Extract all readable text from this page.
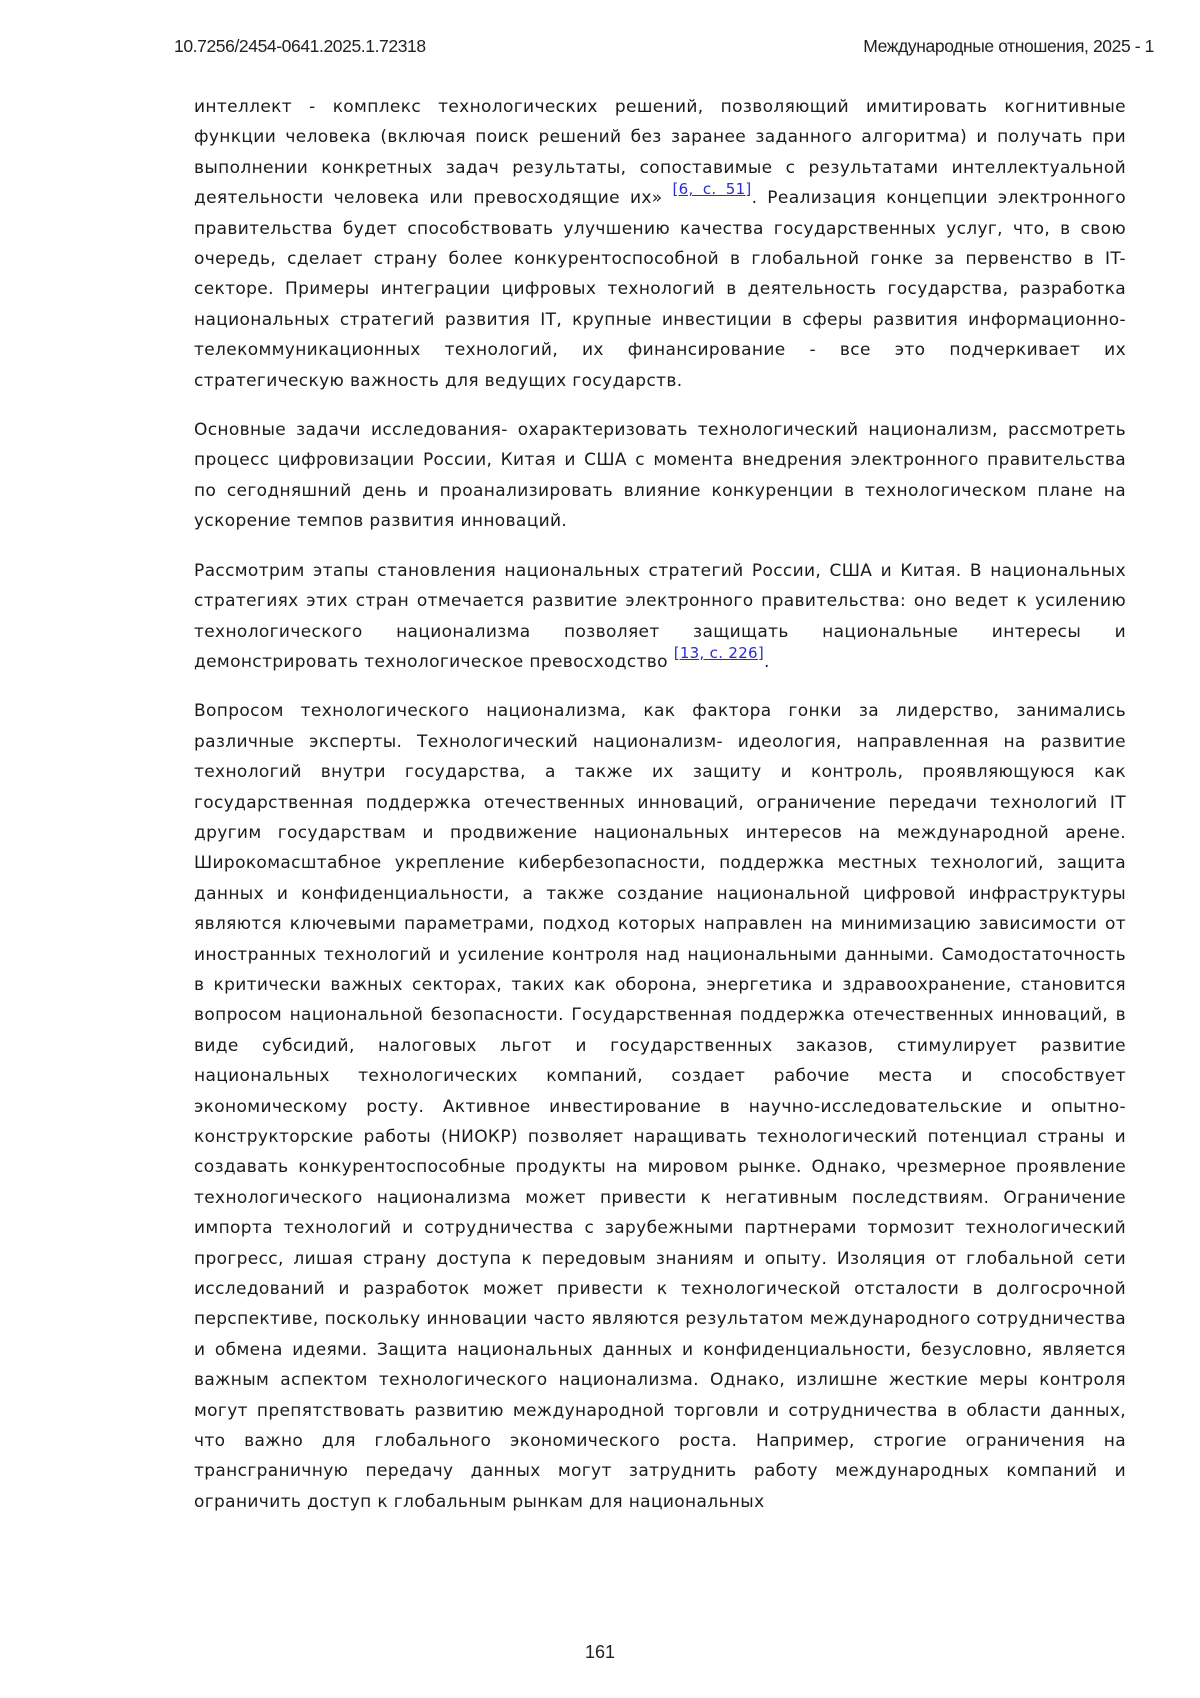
10.7256/2454-0641.2025.1.72318	Международные отношения, 2025 - 1

интеллект - комплекс технологических решений, позволяющий имитировать когнитивные функции человека (включая поиск решений без заранее заданного алгоритма) и получать при выполнении конкретных задач результаты, сопоставимые с результатами интеллектуальной деятельности человека или превосходящие их» [6, с. 51]. Реализация концепции электронного правительства будет способствовать улучшению качества государственных услуг, что, в свою очередь, сделает страну более конкурентоспособной в глобальной гонке за первенство в IT-секторе. Примеры интеграции цифровых технологий в деятельность государства, разработка национальных стратегий развития IT, крупные инвестиции в сферы развития информационно-телекоммуникационных технологий, их финансирование - все это подчеркивает их стратегическую важность для ведущих государств.

Основные задачи исследования- охарактеризовать технологический национализм, рассмотреть процесс цифровизации России, Китая и США с момента внедрения электронного правительства по сегодняшний день и проанализировать влияние конкуренции в технологическом плане на ускорение темпов развития инноваций.

Рассмотрим этапы становления национальных стратегий России, США и Китая. В национальных стратегиях этих стран отмечается развитие электронного правительства: оно ведет к усилению технологического национализма позволяет защищать национальные интересы и демонстрировать технологическое превосходство [13, с. 226].

Вопросом технологического национализма, как фактора гонки за лидерство, занимались различные эксперты. Технологический национализм- идеология, направленная на развитие технологий внутри государства, а также их защиту и контроль, проявляющуюся как государственная поддержка отечественных инноваций, ограничение передачи технологий IT другим государствам и продвижение национальных интересов на международной арене. Широкомасштабное укрепление кибербезопасности, поддержка местных технологий, защита данных и конфиденциальности, а также создание национальной цифровой инфраструктуры являются ключевыми параметрами, подход которых направлен на минимизацию зависимости от иностранных технологий и усиление контроля над национальными данными. Самодостаточность в критически важных секторах, таких как оборона, энергетика и здравоохранение, становится вопросом национальной безопасности. Государственная поддержка отечественных инноваций, в виде субсидий, налоговых льгот и государственных заказов, стимулирует развитие национальных технологических компаний, создает рабочие места и способствует экономическому росту. Активное инвестирование в научно-исследовательские и опытно-конструкторские работы (НИОКР) позволяет наращивать технологический потенциал страны и создавать конкурентоспособные продукты на мировом рынке. Однако, чрезмерное проявление технологического национализма может привести к негативным последствиям. Ограничение импорта технологий и сотрудничества с зарубежными партнерами тормозит технологический прогресс, лишая страну доступа к передовым знаниям и опыту. Изоляция от глобальной сети исследований и разработок может привести к технологической отсталости в долгосрочной перспективе, поскольку инновации часто являются результатом международного сотрудничества и обмена идеями. Защита национальных данных и конфиденциальности, безусловно, является важным аспектом технологического национализма. Однако, излишне жесткие меры контроля могут препятствовать развитию международной торговли и сотрудничества в области данных, что важно для глобального экономического роста. Например, строгие ограничения на трансграничную передачу данных могут затруднить работу международных компаний и ограничить доступ к глобальным рынкам для национальных

161
